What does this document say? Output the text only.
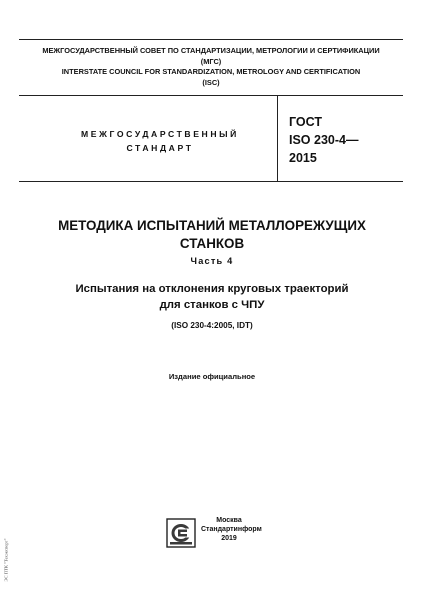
МЕЖГОСУДАРСТВЕННЫЙ СОВЕТ ПО СТАНДАРТИЗАЦИИ, МЕТРОЛОГИИ И СЕРТИФИКАЦИИ
(МГС)
INTERSTATE COUNCIL FOR STANDARDIZATION, METROLOGY AND CERTIFICATION
(ISC)
МЕЖГОСУДАРСТВЕННЫЙ
СТАНДАРТ
ГОСТ
ISO 230-4—
2015
МЕТОДИКА ИСПЫТАНИЙ МЕТАЛЛОРЕЖУЩИХ
СТАНКОВ
Часть 4
Испытания на отклонения круговых траекторий
для станков с ЧПУ
(ISO 230-4:2005, IDT)
Издание официальное
Москва
Стандартинформ
2019
ЭС ПТК "Техэксперт"
